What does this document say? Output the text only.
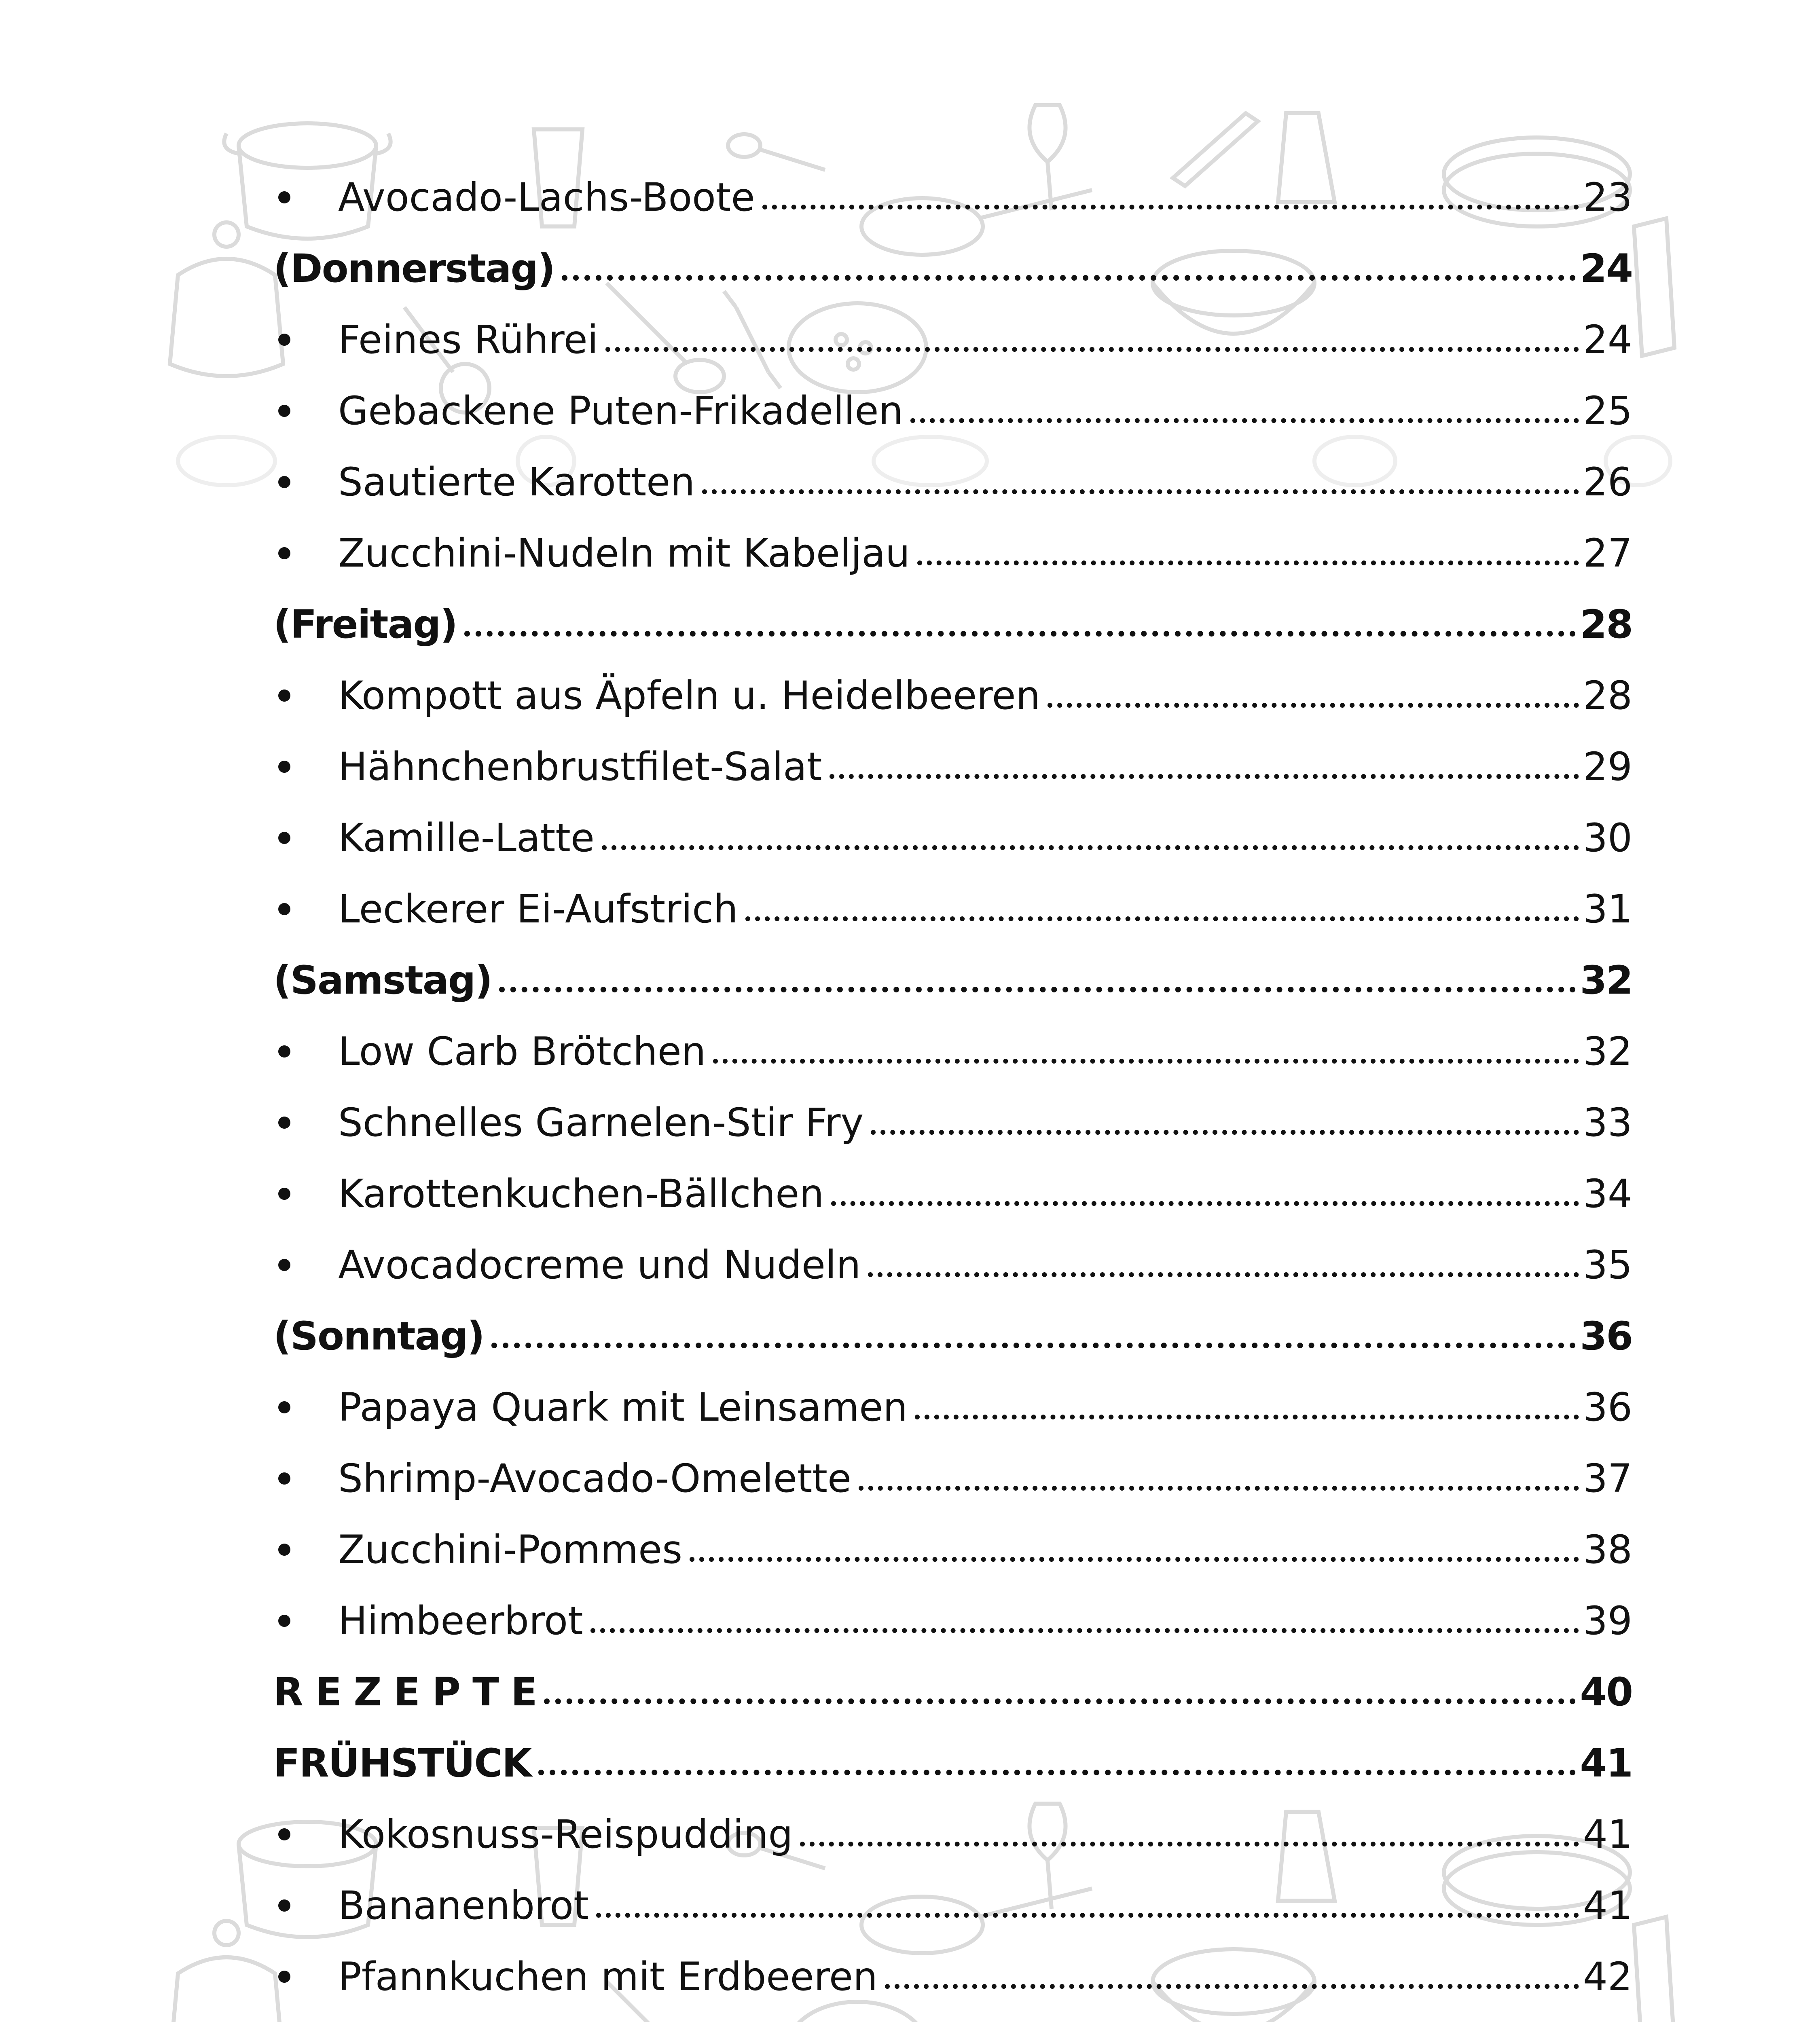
Avocado-Lachs-Boote	23
(Donnerstag)	24
Feines Rührei	24
Gebackene Puten-Frikadellen	25
Sautierte Karotten	26
Zucchini-Nudeln mit Kabeljau	27
(Freitag)	28
Kompott aus Äpfeln u. Heidelbeeren	28
Hähnchenbrustfilet-Salat	29
Kamille-Latte	30
Leckerer Ei-Aufstrich	31
(Samstag)	32
Low Carb Brötchen	32
Schnelles Garnelen-Stir Fry	33
Karottenkuchen-Bällchen	34
Avocadocreme und Nudeln	35
(Sonntag)	36
Papaya Quark mit Leinsamen	36
Shrimp-Avocado-Omelette	37
Zucchini-Pommes	38
Himbeerbrot	39
R E Z E P T E	40
FRÜHSTÜCK	41
Kokosnuss-Reispudding	41
Bananenbrot	41
Pfannkuchen mit Erdbeeren	42
